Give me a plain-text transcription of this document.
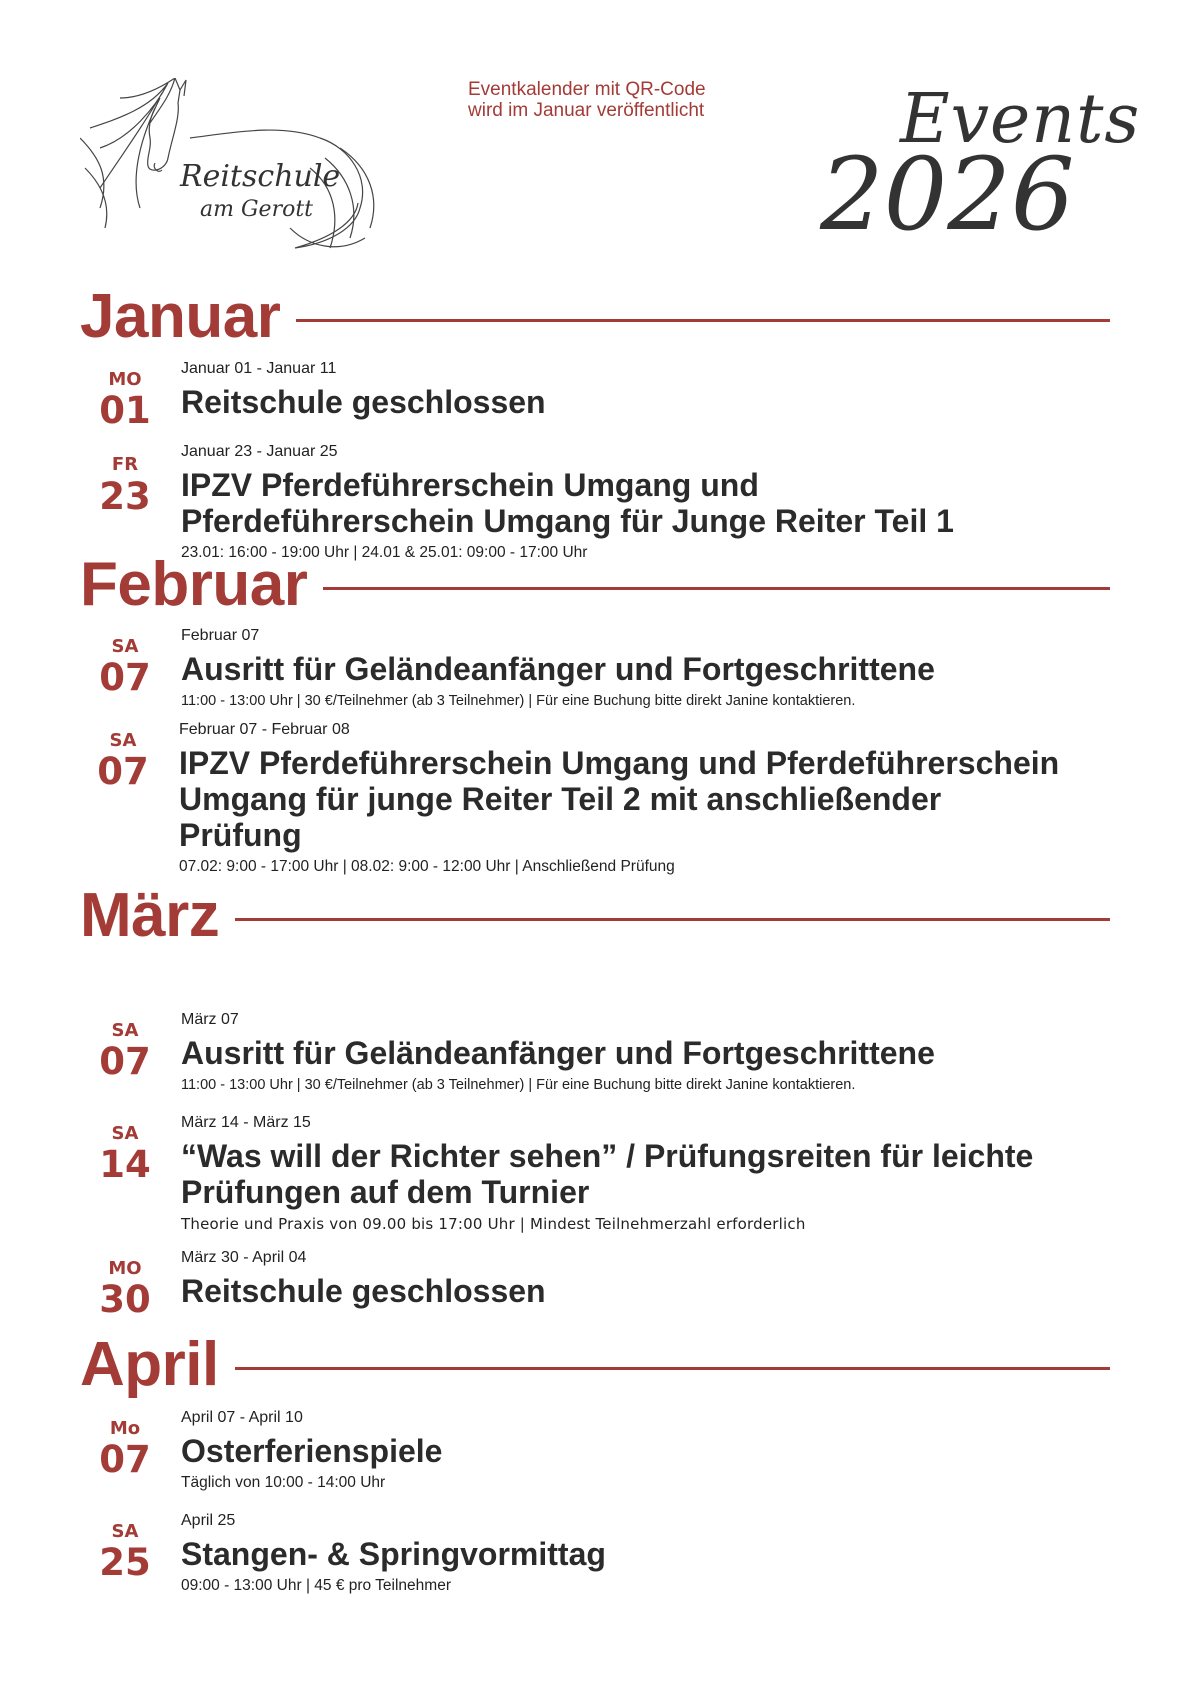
Reitschule
am Gerott
Eventkalender mit QR-Code
wird im Januar veröffentlicht	Events
2026
Januar
MO
01
Januar 01 - Januar 11
Reitschule geschlossen
FR
23
Januar 23 - Januar 25
IPZV Pferdeführerschein Umgang und
Pferdeführerschein Umgang für Junge Reiter Teil 1
23.01: 16:00 - 19:00 Uhr | 24.01 & 25.01: 09:00 - 17:00 Uhr
Februar
SA
07
Februar 07
Ausritt für Geländeanfänger und Fortgeschrittene
11:00 - 13:00 Uhr | 30 €/Teilnehmer (ab 3 Teilnehmer) | Für eine Buchung bitte direkt Janine kontaktieren.
SA
07
Februar 07 - Februar 08
IPZV Pferdeführerschein Umgang und Pferdeführerschein
Umgang für junge Reiter Teil 2 mit anschließender
Prüfung
07.02: 9:00 - 17:00 Uhr | 08.02: 9:00 - 12:00 Uhr | Anschließend Prüfung
März
SA
07
März 07
Ausritt für Geländeanfänger und Fortgeschrittene
11:00 - 13:00 Uhr | 30 €/Teilnehmer (ab 3 Teilnehmer) | Für eine Buchung bitte direkt Janine kontaktieren.
SA
14
März 14 - März 15
“Was will der Richter sehen” / Prüfungsreiten für leichte
Prüfungen auf dem Turnier
Theorie und Praxis von 09.00 bis 17:00 Uhr | Mindest Teilnehmerzahl erforderlich
MO
30
März 30 - April 04
Reitschule geschlossen
April
Mo
07
April 07 - April 10
Osterferienspiele
Täglich von 10:00 - 14:00 Uhr
SA
25
April 25
Stangen- & Springvormittag
09:00 - 13:00 Uhr | 45 € pro Teilnehmer
